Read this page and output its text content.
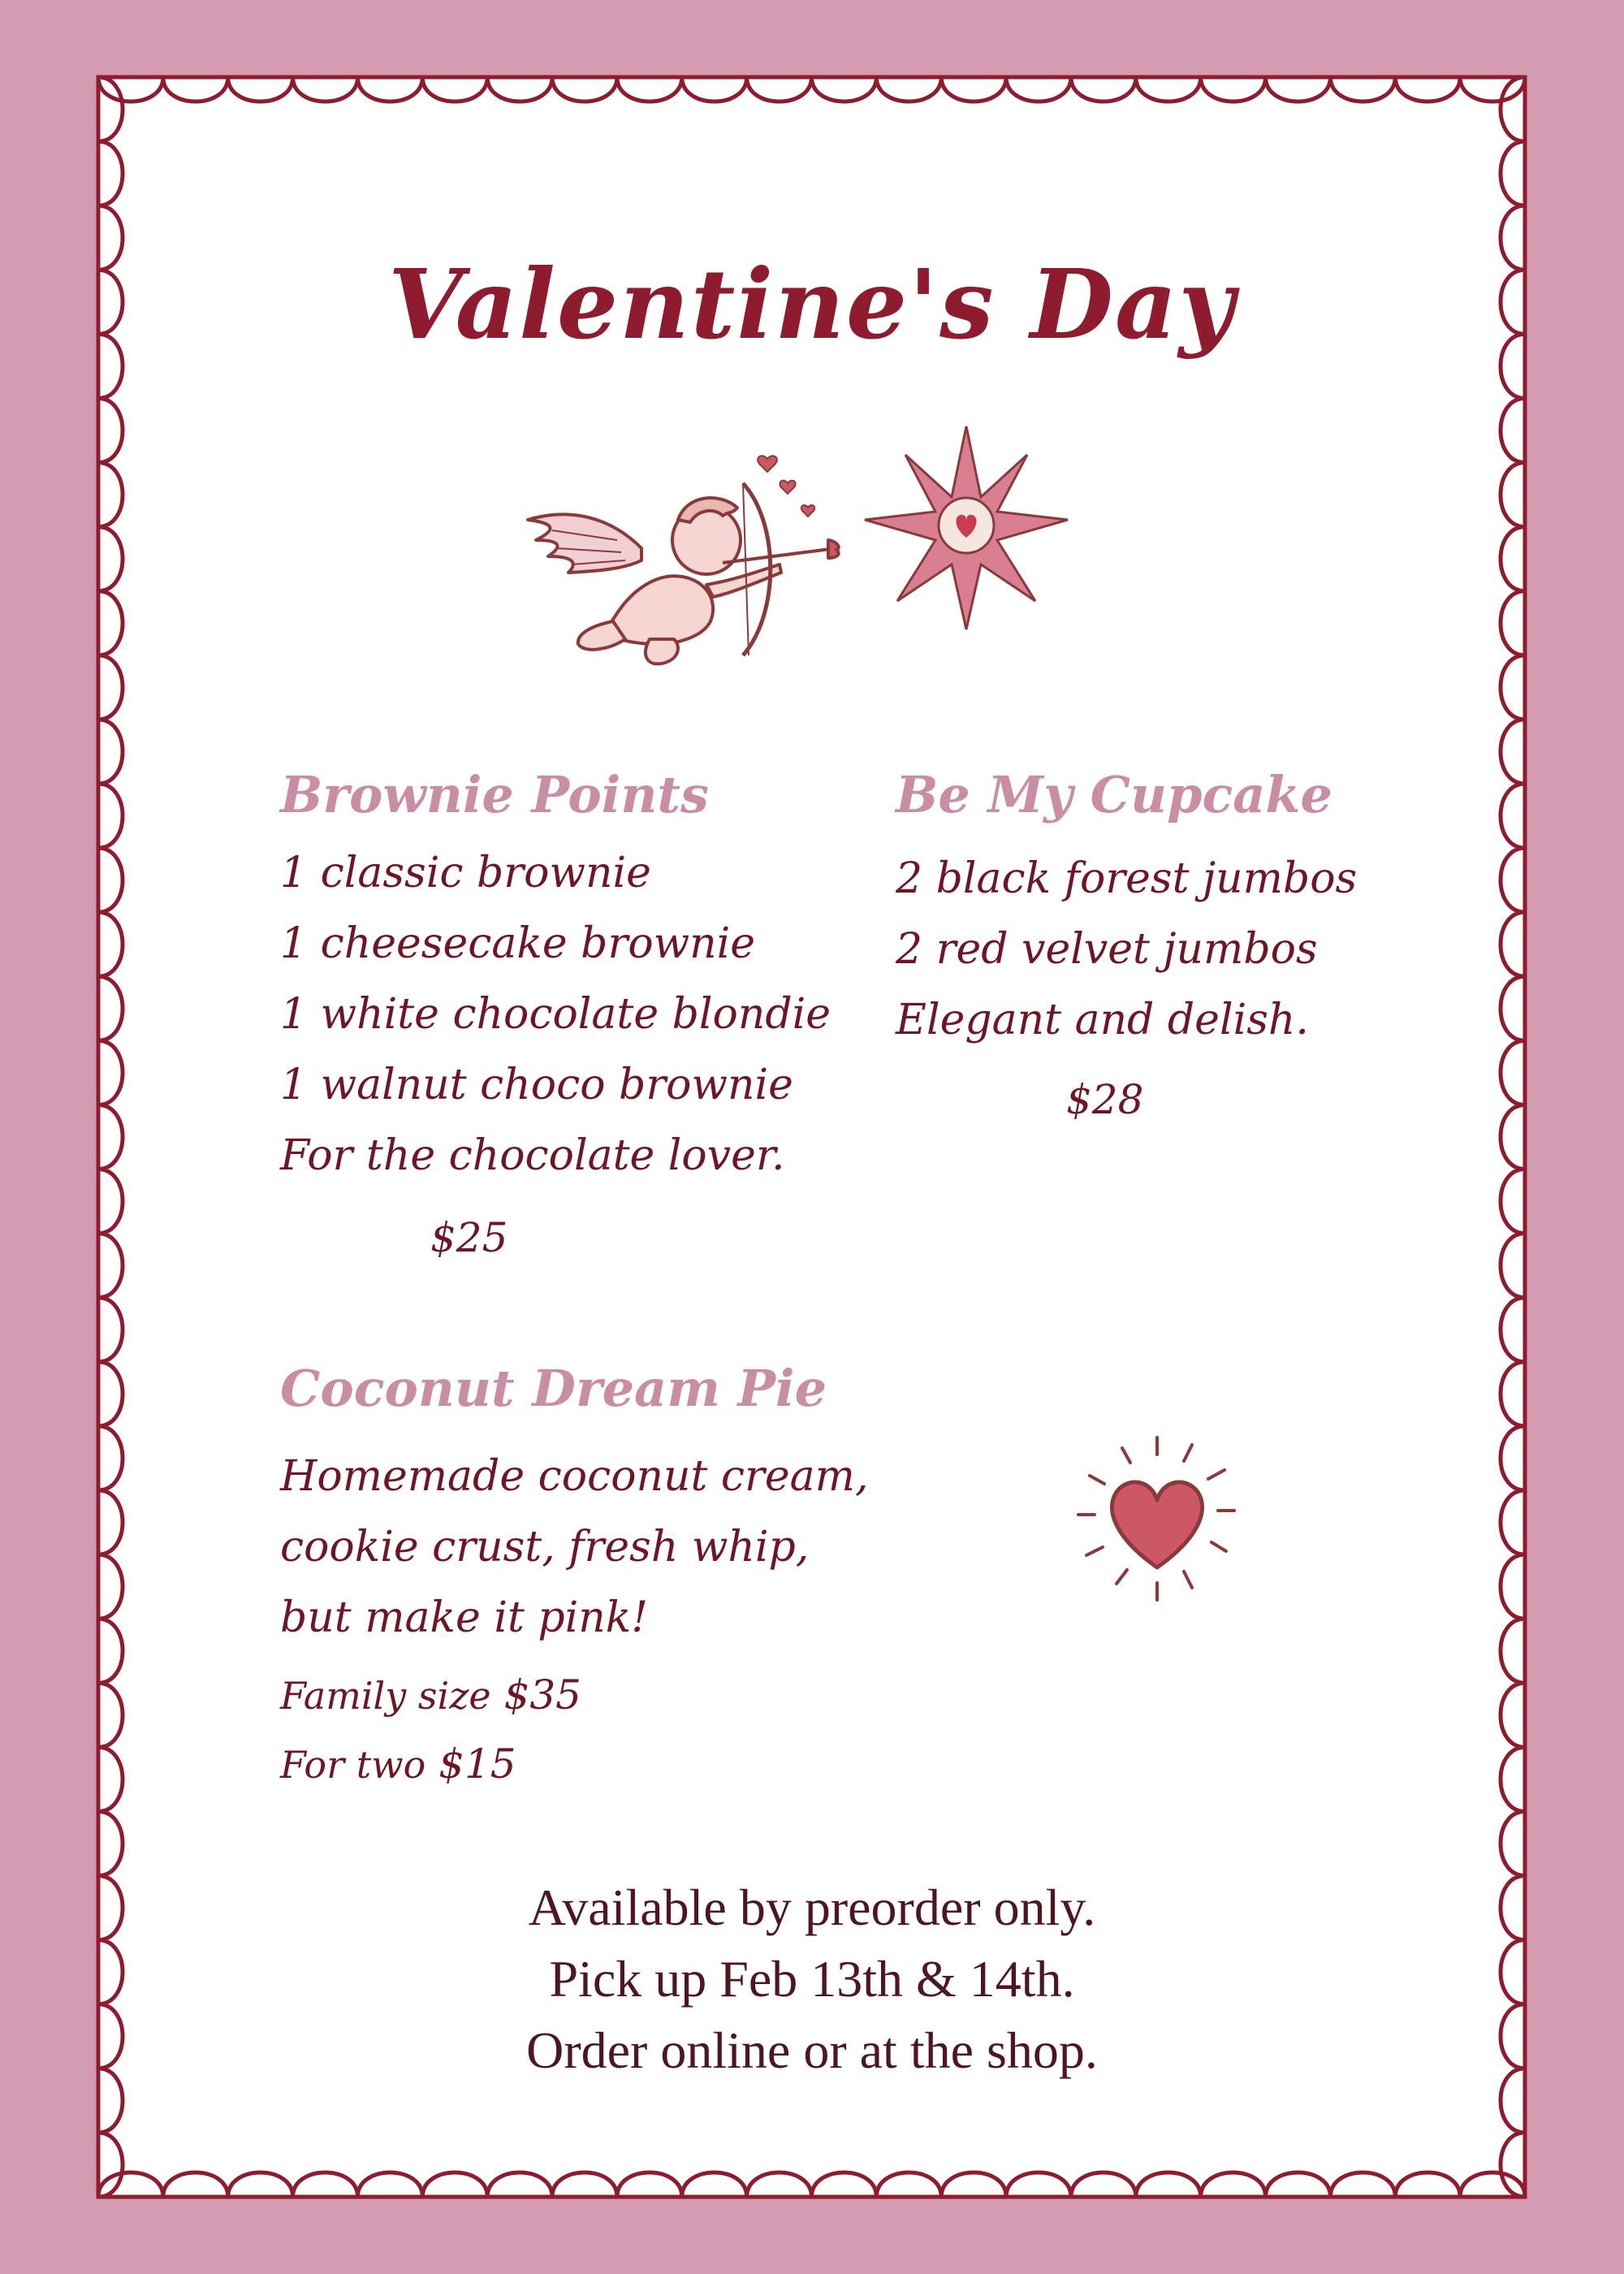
Valentine's Day
Brownie Points
1 classic brownie
1 cheesecake brownie
1 white chocolate blondie
1 walnut choco brownie
For the chocolate lover.
$25
Be My Cupcake
2 black forest jumbos
2 red velvet jumbos
Elegant and delish.
$28
Coconut Dream Pie
Homemade coconut cream,
cookie crust, fresh whip,
but make it pink!
Family size $35
For two $15
Available by preorder only.
Pick up Feb 13th & 14th.
Order online or at the shop.
